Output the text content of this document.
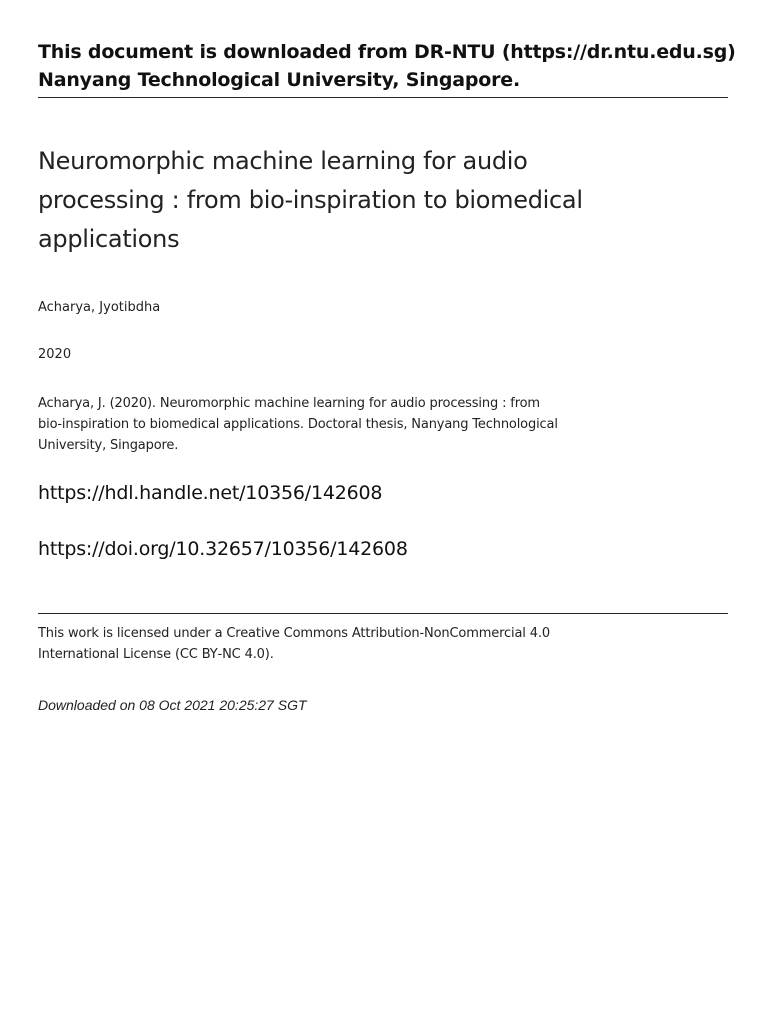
This document is downloaded from DR‑NTU (https://dr.ntu.edu.sg)
Nanyang Technological University, Singapore.
Neuromorphic machine learning for audio processing : from bio‑inspiration to biomedical applications
Acharya, Jyotibdha
2020
Acharya, J. (2020). Neuromorphic machine learning for audio processing : from bio‑inspiration to biomedical applications. Doctoral thesis, Nanyang Technological University, Singapore.
https://hdl.handle.net/10356/142608
https://doi.org/10.32657/10356/142608
This work is licensed under a Creative Commons Attribution‑NonCommercial 4.0 International License (CC BY‑NC 4.0).
Downloaded on 08 Oct 2021 20:25:27 SGT
